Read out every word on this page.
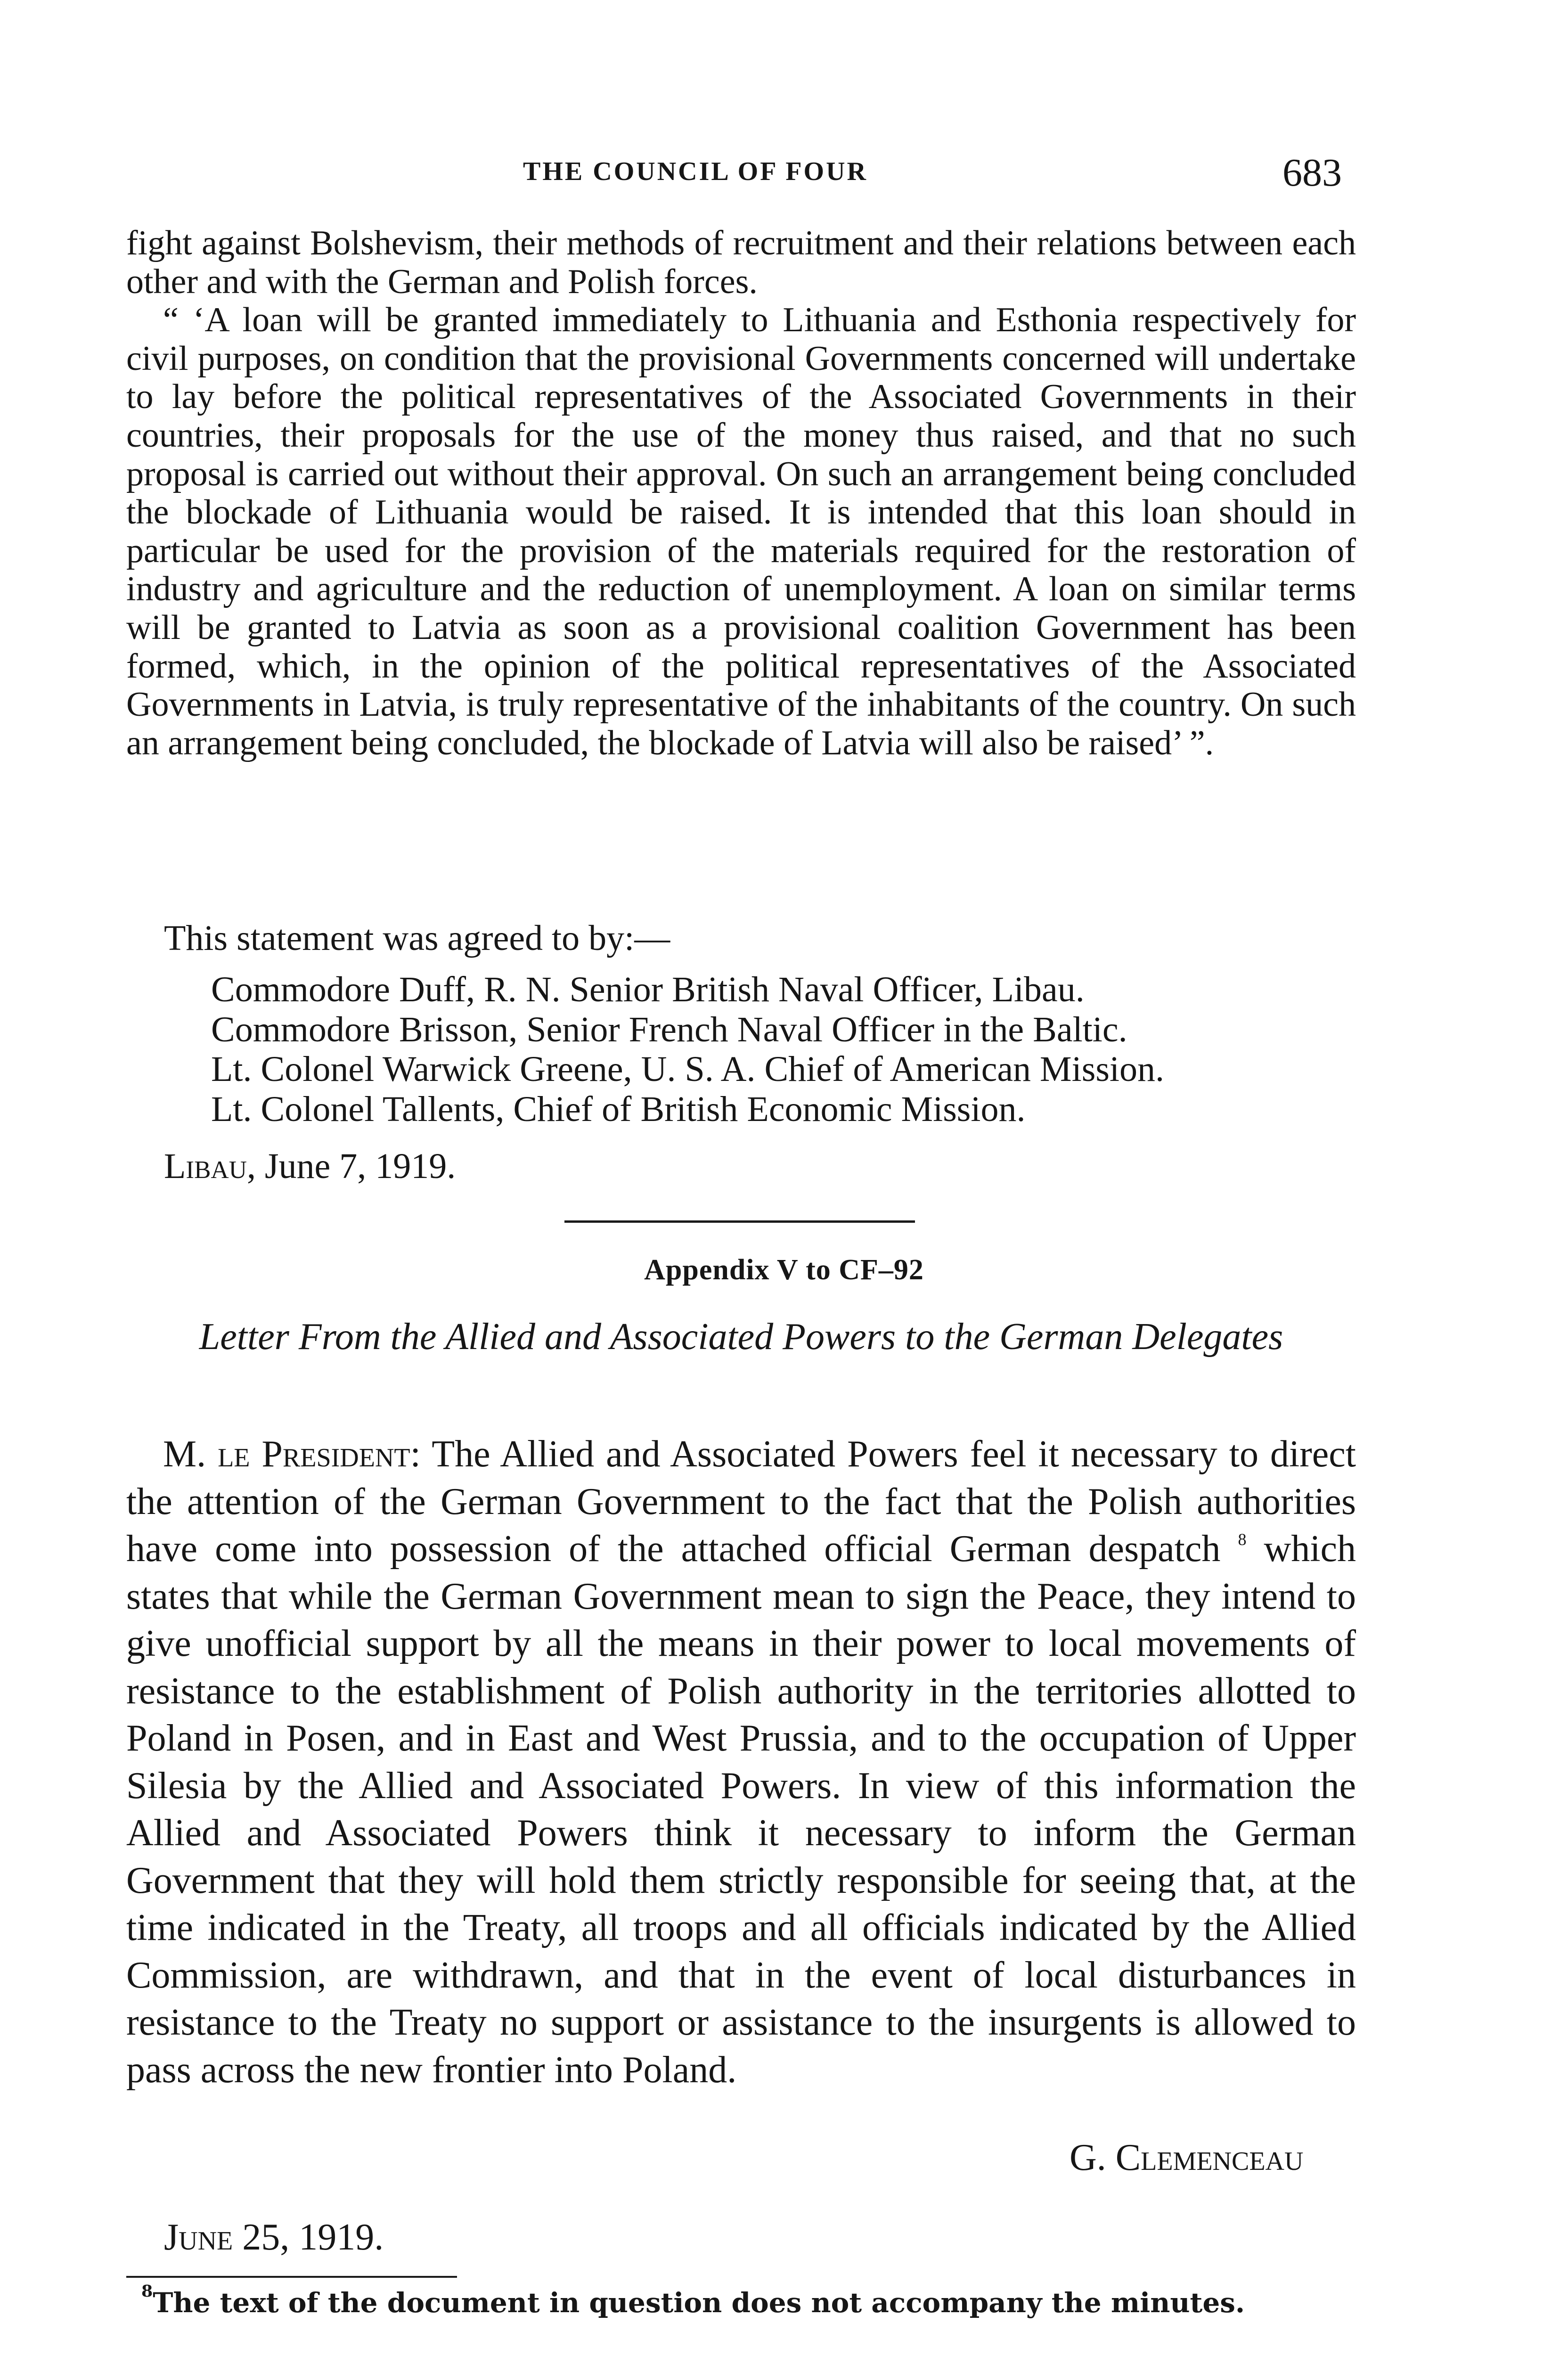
THE COUNCIL OF FOUR	683

fight against Bolshevism, their methods of recruitment and their relations between each other and with the German and Polish forces.

“ ‘A loan will be granted immediately to Lithuania and Esthonia respectively for civil purposes, on condition that the provisional Governments concerned will undertake to lay before the political representatives of the Associated Governments in their countries, their proposals for the use of the money thus raised, and that no such proposal is carried out without their approval. On such an arrangement being concluded the blockade of Lithuania would be raised. It is intended that this loan should in particular be used for the provision of the materials required for the restoration of industry and agriculture and the reduction of unemployment. A loan on similar terms will be granted to Latvia as soon as a provisional coalition Government has been formed, which, in the opinion of the political representatives of the Associated Governments in Latvia, is truly representative of the inhabitants of the country. On such an arrangement being concluded, the blockade of Latvia will also be raised’ ”.

This statement was agreed to by:—
Commodore Duff, R. N. Senior British Naval Officer, Libau.
Commodore Brisson, Senior French Naval Officer in the Baltic.
Lt. Colonel Warwick Greene, U. S. A. Chief of American Mission.
Lt. Colonel Tallents, Chief of British Economic Mission.
Libau, June 7, 1919.
Appendix V to CF–92
Letter From the Allied and Associated Powers to the German Delegates

M. le President: The Allied and Associated Powers feel it necessary to direct the attention of the German Government to the fact that the Polish authorities have come into possession of the attached official German despatch $^8$ which states that while the German Government mean to sign the Peace, they intend to give unofficial support by all the means in their power to local movements of resistance to the establishment of Polish authority in the territories allotted to Poland in Posen, and in East and West Prussia, and to the occupation of Upper Silesia by the Allied and Associated Powers. In view of this information the Allied and Associated Powers think it necessary to inform the German Government that they will hold them strictly responsible for seeing that, at the time indicated in the Treaty, all troops and all officials indicated by the Allied Commission, are withdrawn, and that in the event of local disturbances in resistance to the Treaty no support or assistance to the insurgents is allowed to pass across the new frontier into Poland.

G. Clemenceau
June 25, 1919.
$^8$The text of the document in question does not accompany the minutes.
